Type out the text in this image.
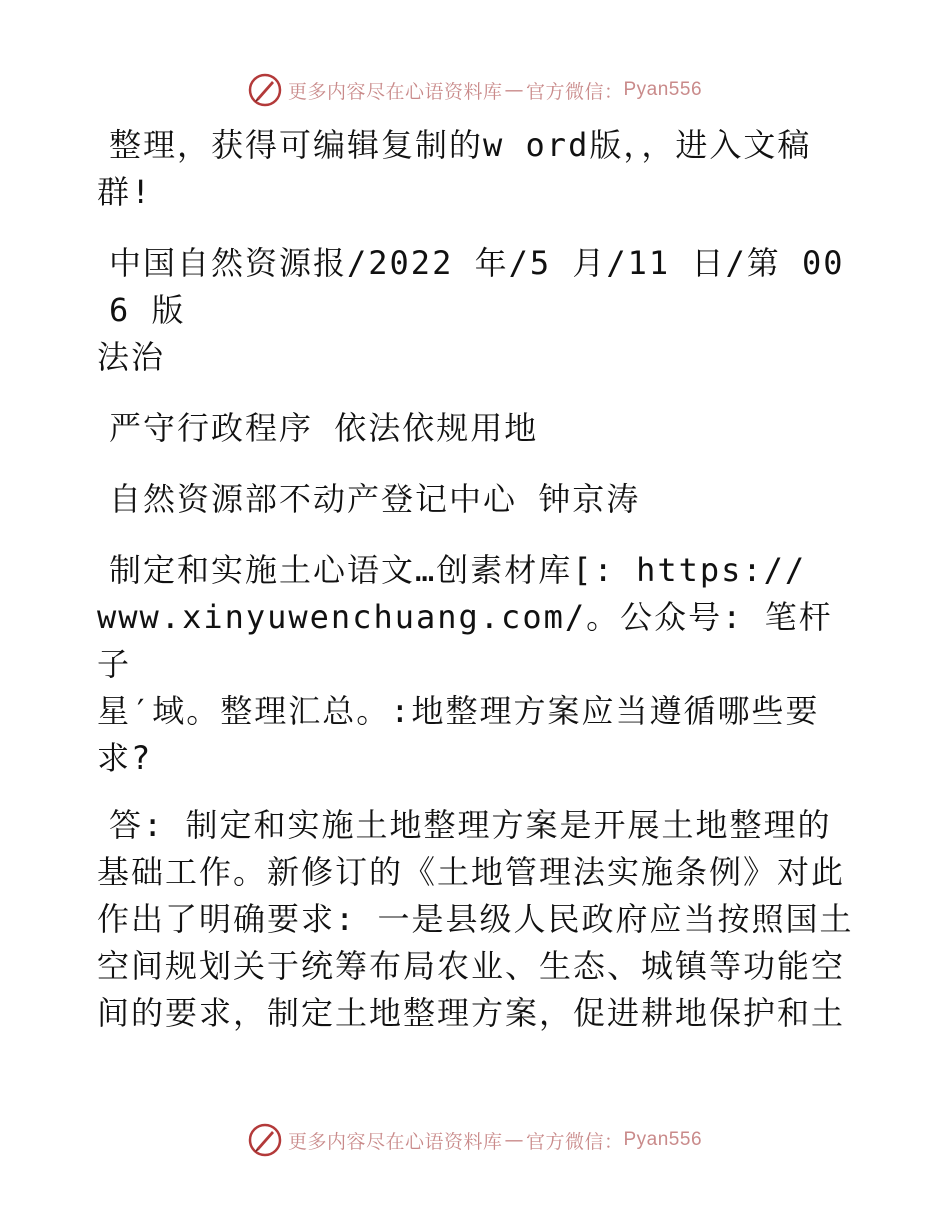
更多内容尽在心语资料库 — 官方微信： Pyan556

整理，获得可编辑复制的w ord版，，进入文稿
群!

中国自然资源报/2022 年/5 月/11 日/第 006 版
法治

严守行政程序 依法依规用地

自然资源部不动产登记中心 钟京涛

制定和实施土心语文…创素材库[: https://
www.xinyuwenchuang.com/。公众号: 笔杆子
星′域。整理汇总。:地整理方案应当遵循哪些要
求?

答: 制定和实施土地整理方案是开展土地整理的
基础工作。新修订的《土地管理法实施条例》对此
作出了明确要求: 一是县级人民政府应当按照国土
空间规划关于统筹布局农业、生态、城镇等功能空
间的要求，制定土地整理方案，促进耕地保护和土

更多内容尽在心语资料库 — 官方微信： Pyan556
